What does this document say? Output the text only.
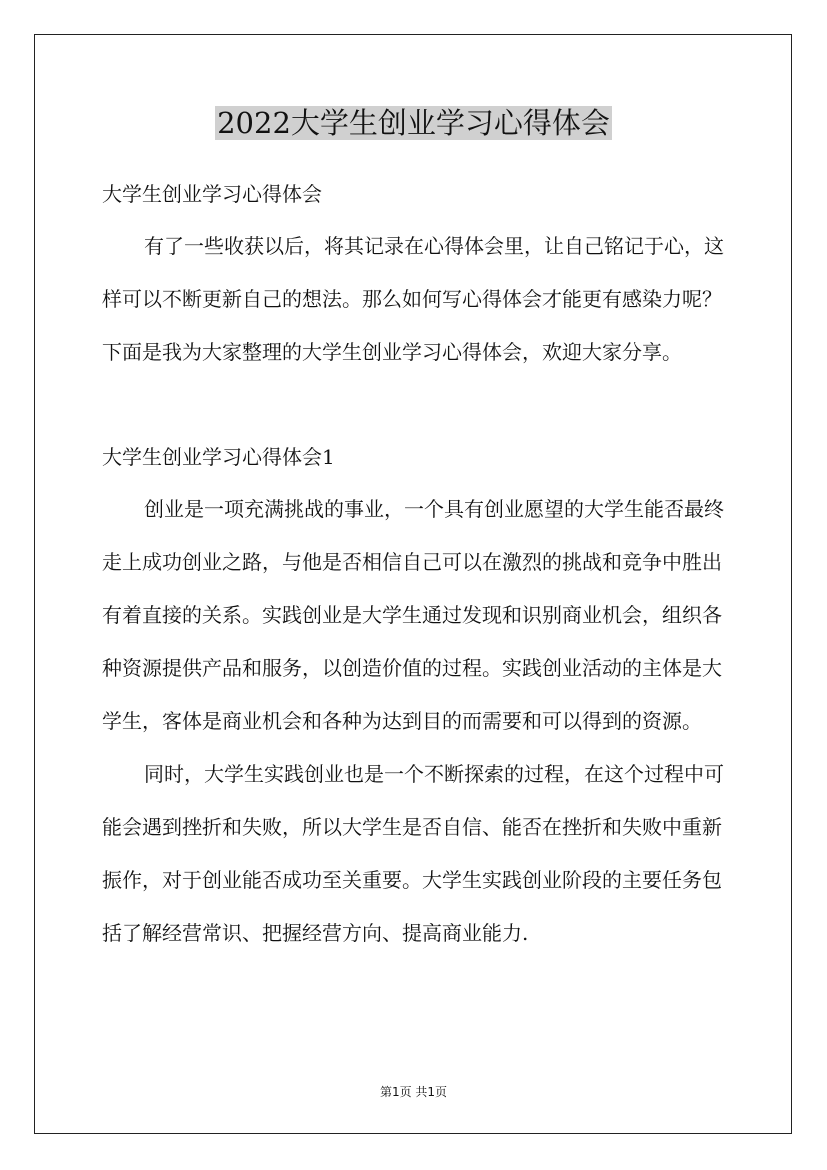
2022大学生创业学习心得体会

大学生创业学习心得体会

有了一些收获以后，将其记录在心得体会里，让自己铭记于心，这样可以不断更新自己的想法。那么如何写心得体会才能更有感染力呢？下面是我为大家整理的大学生创业学习心得体会，欢迎大家分享。

大学生创业学习心得体会1

创业是一项充满挑战的事业，一个具有创业愿望的大学生能否最终走上成功创业之路，与他是否相信自己可以在激烈的挑战和竞争中胜出有着直接的关系。实践创业是大学生通过发现和识别商业机会，组织各种资源提供产品和服务，以创造价值的过程。实践创业活动的主体是大学生，客体是商业机会和各种为达到目的而需要和可以得到的资源。

同时，大学生实践创业也是一个不断探索的过程，在这个过程中可能会遇到挫折和失败，所以大学生是否自信、能否在挫折和失败中重新振作，对于创业能否成功至关重要。大学生实践创业阶段的主要任务包括了解经营常识、把握经营方向、提高商业能力.

第1页 共1页
